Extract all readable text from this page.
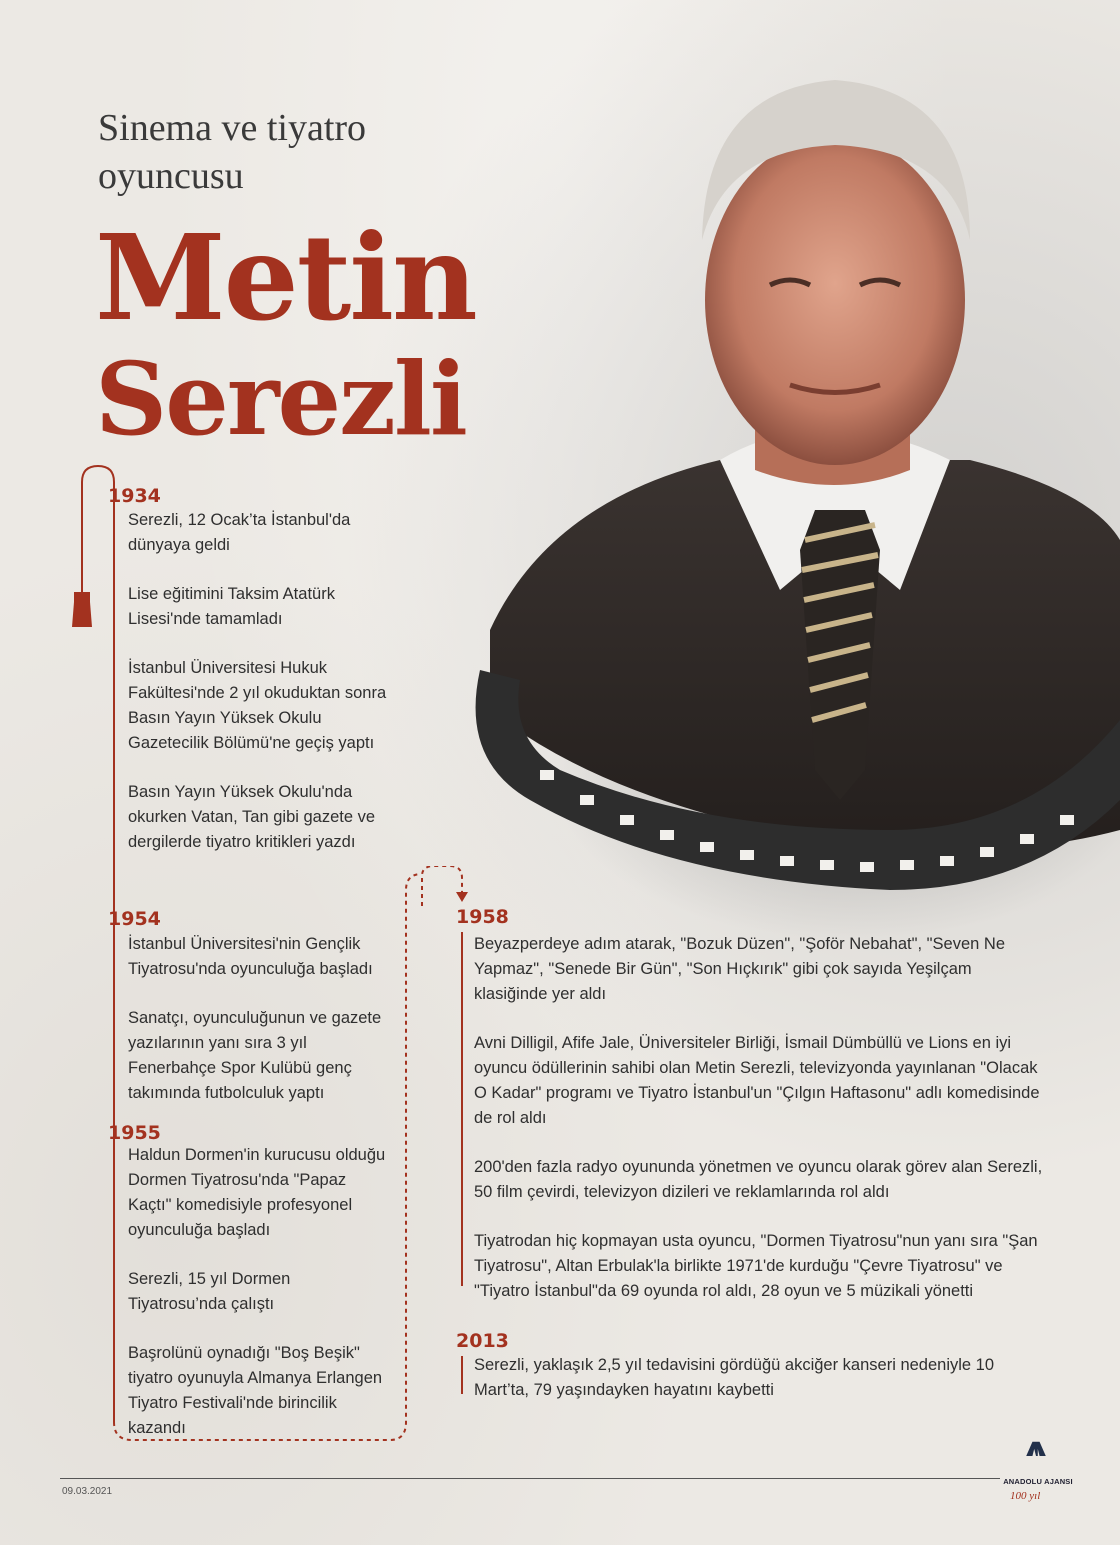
Sinema ve tiyatro
oyuncusu
Metin
Serezli
1934

Serezli, 12 Ocak’ta İstanbul'da dünyaya geldi

Lise eğitimini Taksim Atatürk Lisesi'nde tamamladı

İstanbul Üniversitesi Hukuk Fakültesi'nde 2 yıl okuduktan sonra Basın Yayın Yüksek Okulu Gazetecilik Bölümü'ne geçiş yaptı

Basın Yayın Yüksek Okulu'nda okurken Vatan, Tan gibi gazete ve dergilerde tiyatro kritikleri yazdı

1954

İstanbul Üniversitesi'nin Gençlik Tiyatrosu'nda oyunculuğa başladı

Sanatçı, oyunculuğunun ve gazete yazılarının yanı sıra 3 yıl Fenerbahçe Spor Kulübü genç takımında futbolculuk yaptı

1955

Haldun Dormen'in kurucusu olduğu Dormen Tiyatrosu'nda "Papaz Kaçtı" komedisiyle profesyonel oyunculuğa başladı

Serezli, 15 yıl Dormen Tiyatrosu’nda çalıştı

Başrolünü oynadığı "Boş Beşik" tiyatro oyunuyla Almanya Erlangen Tiyatro Festivali'nde birincilik kazandı

1958

Beyazperdeye adım atarak, "Bozuk Düzen", "Şoför Nebahat", "Seven Ne Yapmaz", "Senede Bir Gün", "Son Hıçkırık" gibi çok sayıda Yeşilçam klasiğinde yer aldı

Avni Dilligil, Afife Jale, Üniversiteler Birliği, İsmail Dümbüllü ve Lions en iyi oyuncu ödüllerinin sahibi olan Metin Serezli, televizyonda yayınlanan "Olacak O Kadar" programı ve Tiyatro İstanbul'un "Çılgın Haftasonu" adlı komedisinde de rol aldı

200'den fazla radyo oyununda yönetmen ve oyuncu olarak görev alan Serezli, 50 film çevirdi, televizyon dizileri ve reklamlarında rol aldı

Tiyatrodan hiç kopmayan usta oyuncu, "Dormen Tiyatrosu"nun yanı sıra "Şan Tiyatrosu", Altan Erbulak'la birlikte 1971'de kurduğu "Çevre Tiyatrosu" ve "Tiyatro İstanbul"da 69 oyunda rol aldı, 28 oyun ve 5 müzikali yönetti

2013

Serezli, yaklaşık 2,5 yıl tedavisini gördüğü akciğer kanseri nedeniyle 10 Mart’ta, 79 yaşındayken hayatını kaybetti

09.03.2021
ANADOLU AJANSI
100 yıl
